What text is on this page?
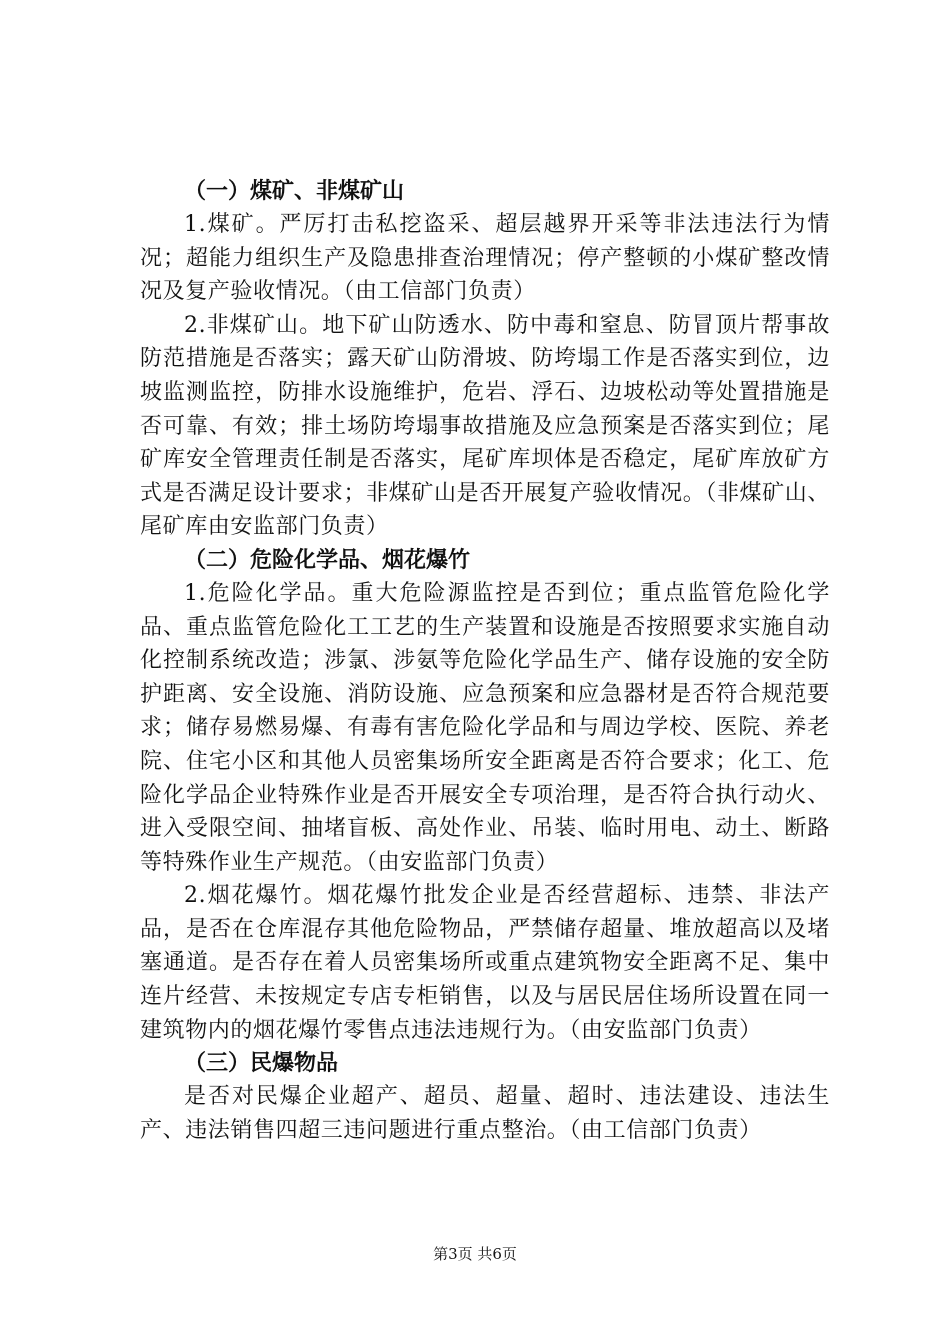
（一）煤矿、非煤矿山

1.煤矿。严厉打击私挖盗采、超层越界开采等非法违法行为情况；超能力组织生产及隐患排查治理情况；停产整顿的小煤矿整改情况及复产验收情况。（由工信部门负责）

2.非煤矿山。地下矿山防透水、防中毒和窒息、防冒顶片帮事故防范措施是否落实；露天矿山防滑坡、防垮塌工作是否落实到位，边坡监测监控，防排水设施维护，危岩、浮石、边坡松动等处置措施是否可靠、有效；排土场防垮塌事故措施及应急预案是否落实到位；尾矿库安全管理责任制是否落实，尾矿库坝体是否稳定，尾矿库放矿方式是否满足设计要求；非煤矿山是否开展复产验收情况。（非煤矿山、尾矿库由安监部门负责）

（二）危险化学品、烟花爆竹

1.危险化学品。重大危险源监控是否到位；重点监管危险化学品、重点监管危险化工工艺的生产装置和设施是否按照要求实施自动化控制系统改造；涉氯、涉氨等危险化学品生产、储存设施的安全防护距离、安全设施、消防设施、应急预案和应急器材是否符合规范要求；储存易燃易爆、有毒有害危险化学品和与周边学校、医院、养老院、住宅小区和其他人员密集场所安全距离是否符合要求；化工、危险化学品企业特殊作业是否开展安全专项治理，是否符合执行动火、进入受限空间、抽堵盲板、高处作业、吊装、临时用电、动土、断路等特殊作业生产规范。（由安监部门负责）

2.烟花爆竹。烟花爆竹批发企业是否经营超标、违禁、非法产品，是否在仓库混存其他危险物品，严禁储存超量、堆放超高以及堵塞通道。是否存在着人员密集场所或重点建筑物安全距离不足、集中连片经营、未按规定专店专柜销售，以及与居民居住场所设置在同一建筑物内的烟花爆竹零售点违法违规行为。（由安监部门负责）

（三）民爆物品

是否对民爆企业超产、超员、超量、超时、违法建设、违法生产、违法销售四超三违问题进行重点整治。（由工信部门负责）

第3页 共6页
